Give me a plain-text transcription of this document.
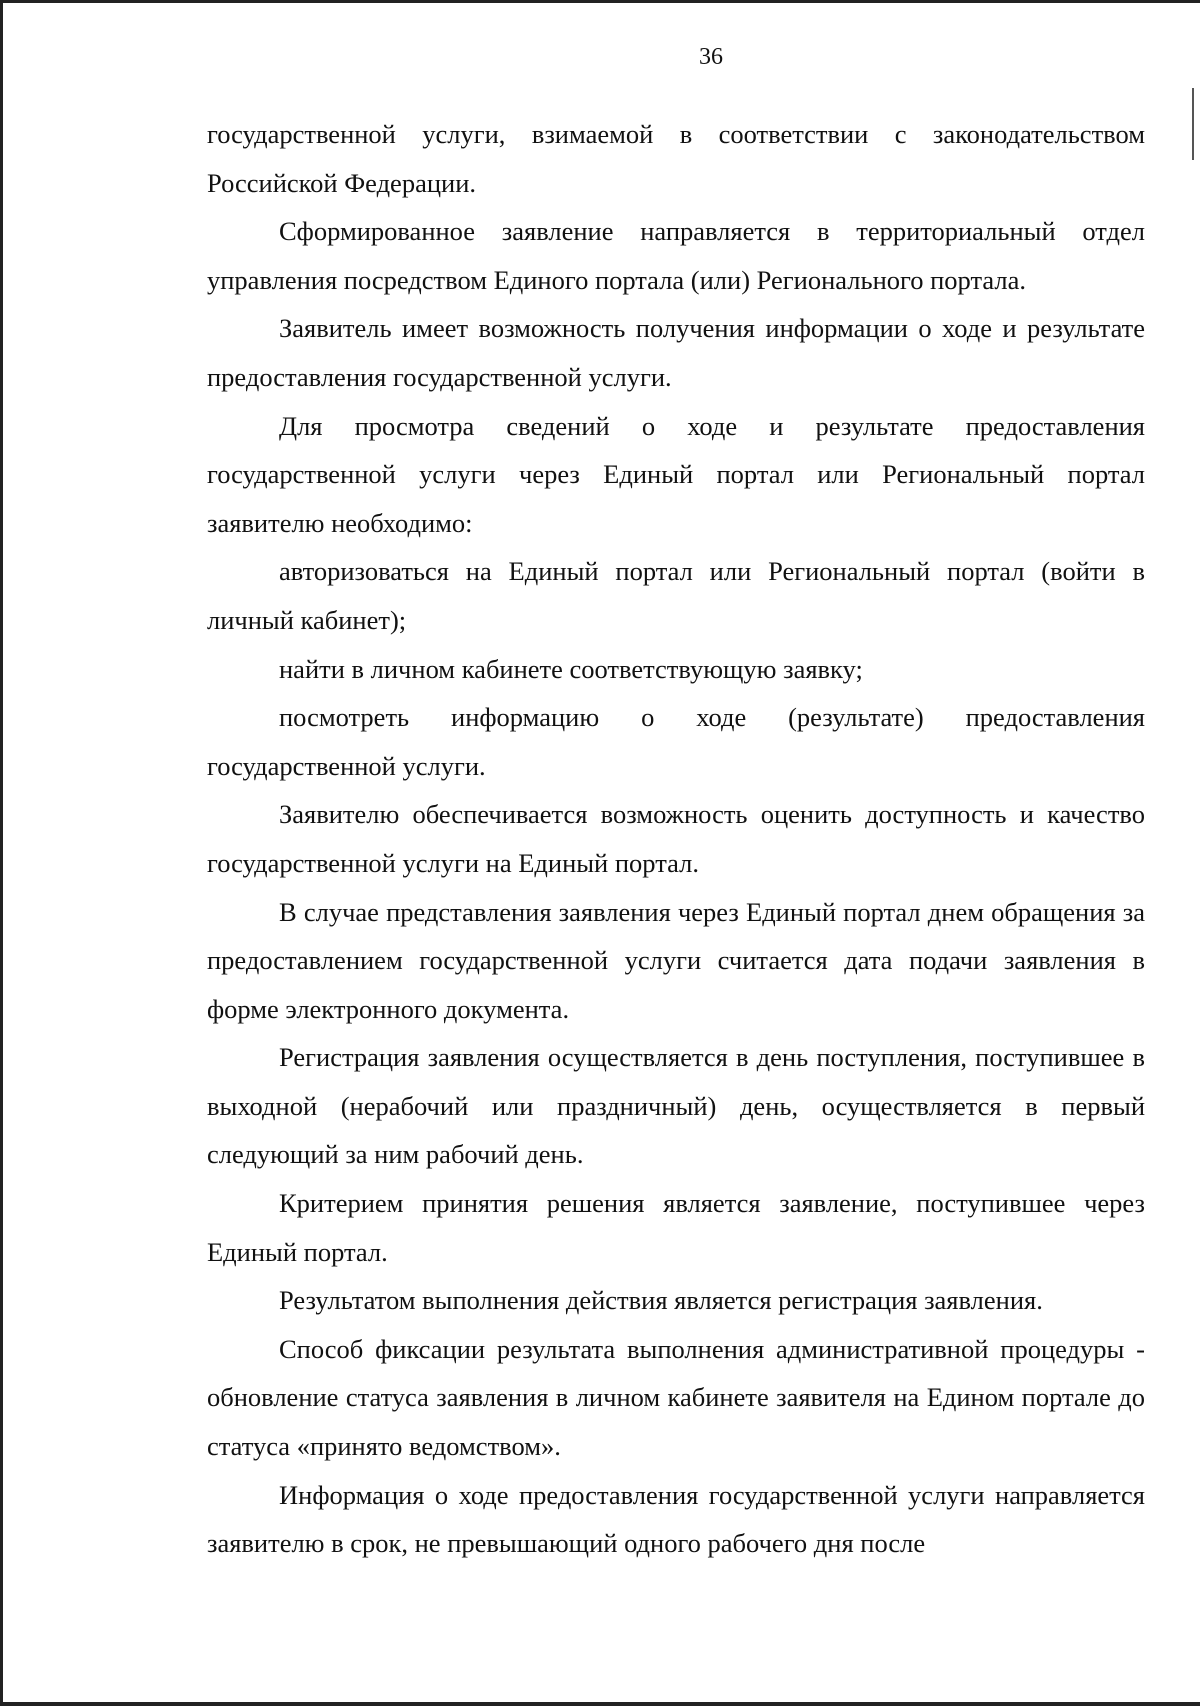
36

государственной услуги, взимаемой в соответствии с законодательством Российской Федерации.

Сформированное заявление направляется в территориальный отдел управления посредством Единого портала (или) Регионального портала.

Заявитель имеет возможность получения информации о ходе и результате предоставления государственной услуги.

Для просмотра сведений о ходе и результате предоставления государственной услуги через Единый портал или Региональный портал заявителю необходимо:

авторизоваться на Единый портал или Региональный портал (войти в личный кабинет);

найти в личном кабинете соответствующую заявку;

посмотреть информацию о ходе (результате) предоставления государственной услуги.

Заявителю обеспечивается возможность оценить доступность и качество государственной услуги на Единый портал.

В случае представления заявления через Единый портал днем обращения за предоставлением государственной услуги считается дата подачи заявления в форме электронного документа.

Регистрация заявления осуществляется в день поступления, поступившее в выходной (нерабочий или праздничный) день, осуществляется в первый следующий за ним рабочий день.

Критерием принятия решения является заявление, поступившее через Единый портал.

Результатом выполнения действия является регистрация заявления.

Способ фиксации результата выполнения административной процедуры - обновление статуса заявления в личном кабинете заявителя на Едином портале до статуса «принято ведомством».

Информация о ходе предоставления государственной услуги направляется заявителю в срок, не превышающий одного рабочего дня после
